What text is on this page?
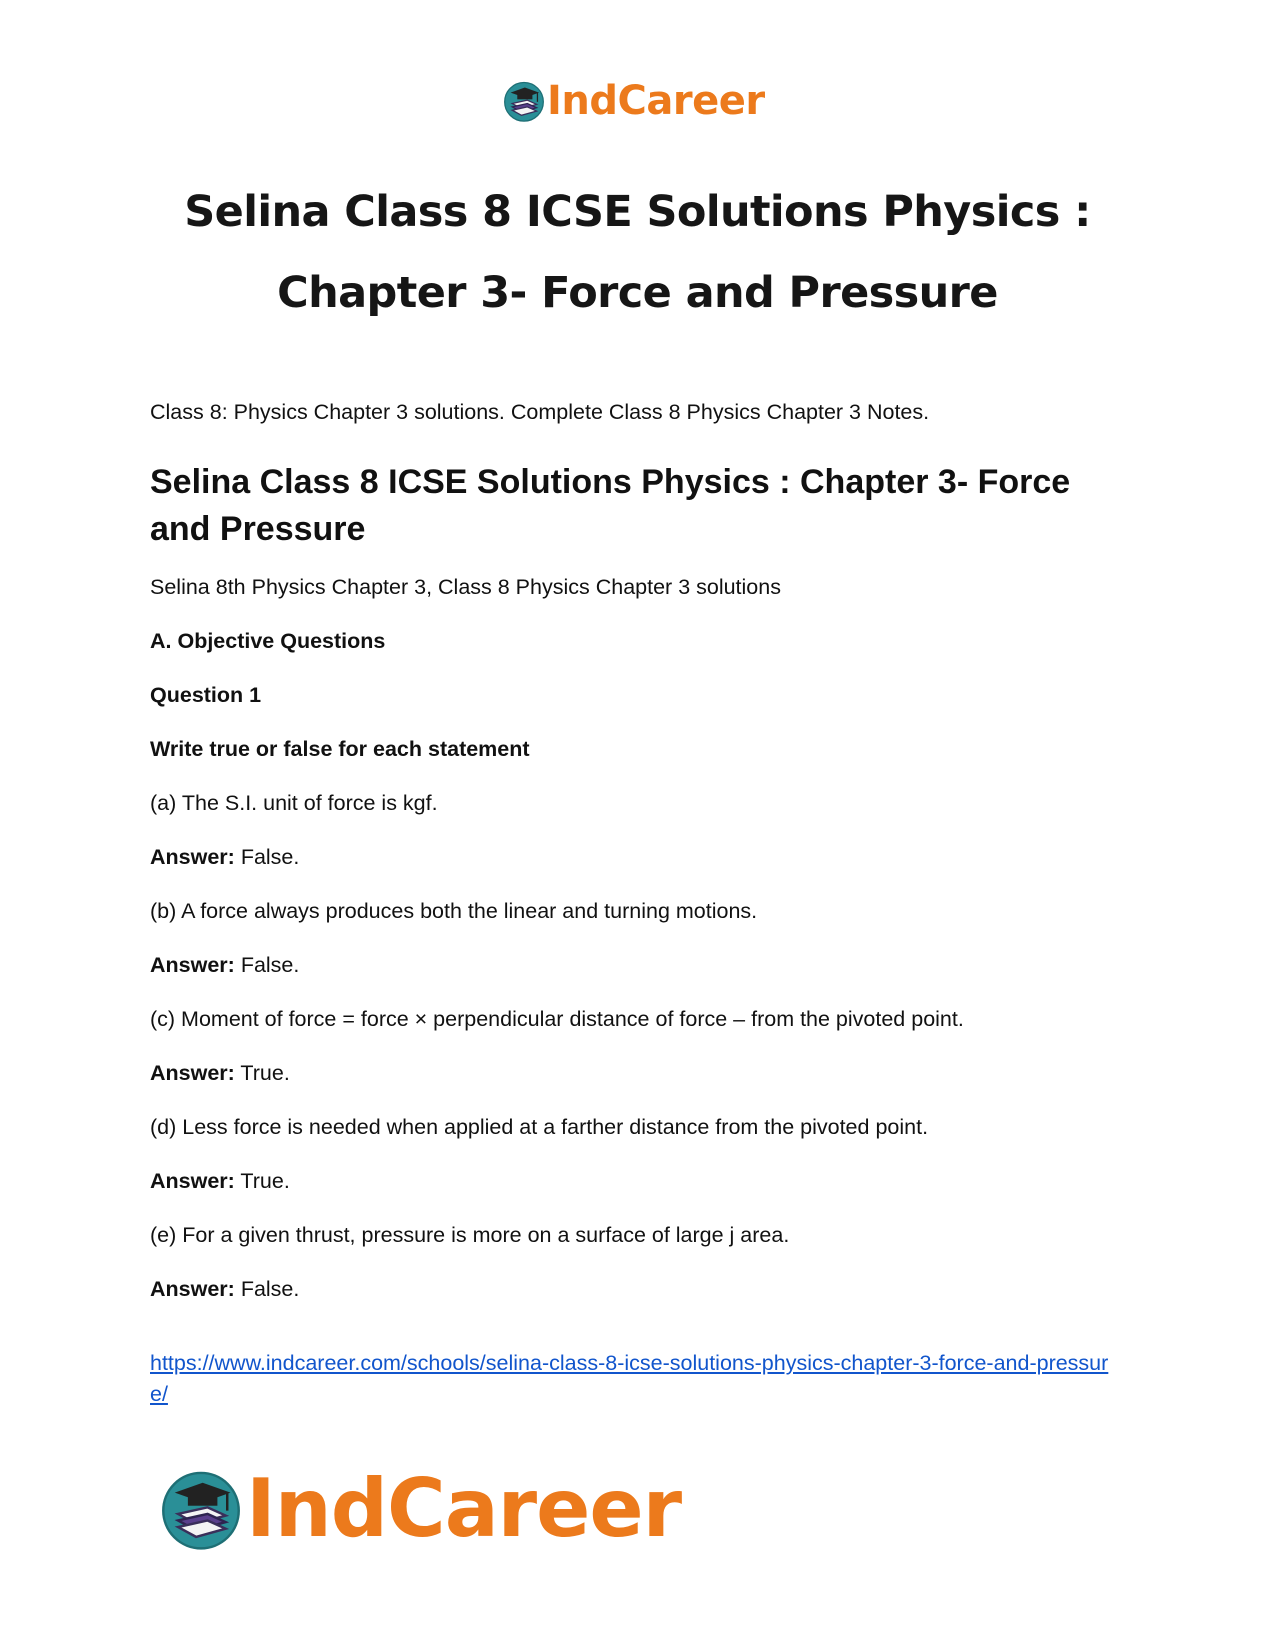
IndCareer
Selina Class 8 ICSE Solutions Physics :
Chapter 3- Force and Pressure
Class 8: Physics Chapter 3 solutions. Complete Class 8 Physics Chapter 3 Notes.
Selina Class 8 ICSE Solutions Physics : Chapter 3- Force
and Pressure
Selina 8th Physics Chapter 3, Class 8 Physics Chapter 3 solutions
A. Objective Questions
Question 1
Write true or false for each statement
(a) The S.I. unit of force is kgf.
Answer: False.
(b) A force always produces both the linear and turning motions.
Answer: False.
(c) Moment of force = force × perpendicular distance of force – from the pivoted point.
Answer: True.
(d) Less force is needed when applied at a farther distance from the pivoted point.
Answer: True.
(e) For a given thrust, pressure is more on a surface of large j area.
Answer: False.
https://www.indcareer.com/schools/selina-class-8-icse-solutions-physics-chapter-3-force-and-pressure/
IndCareer
